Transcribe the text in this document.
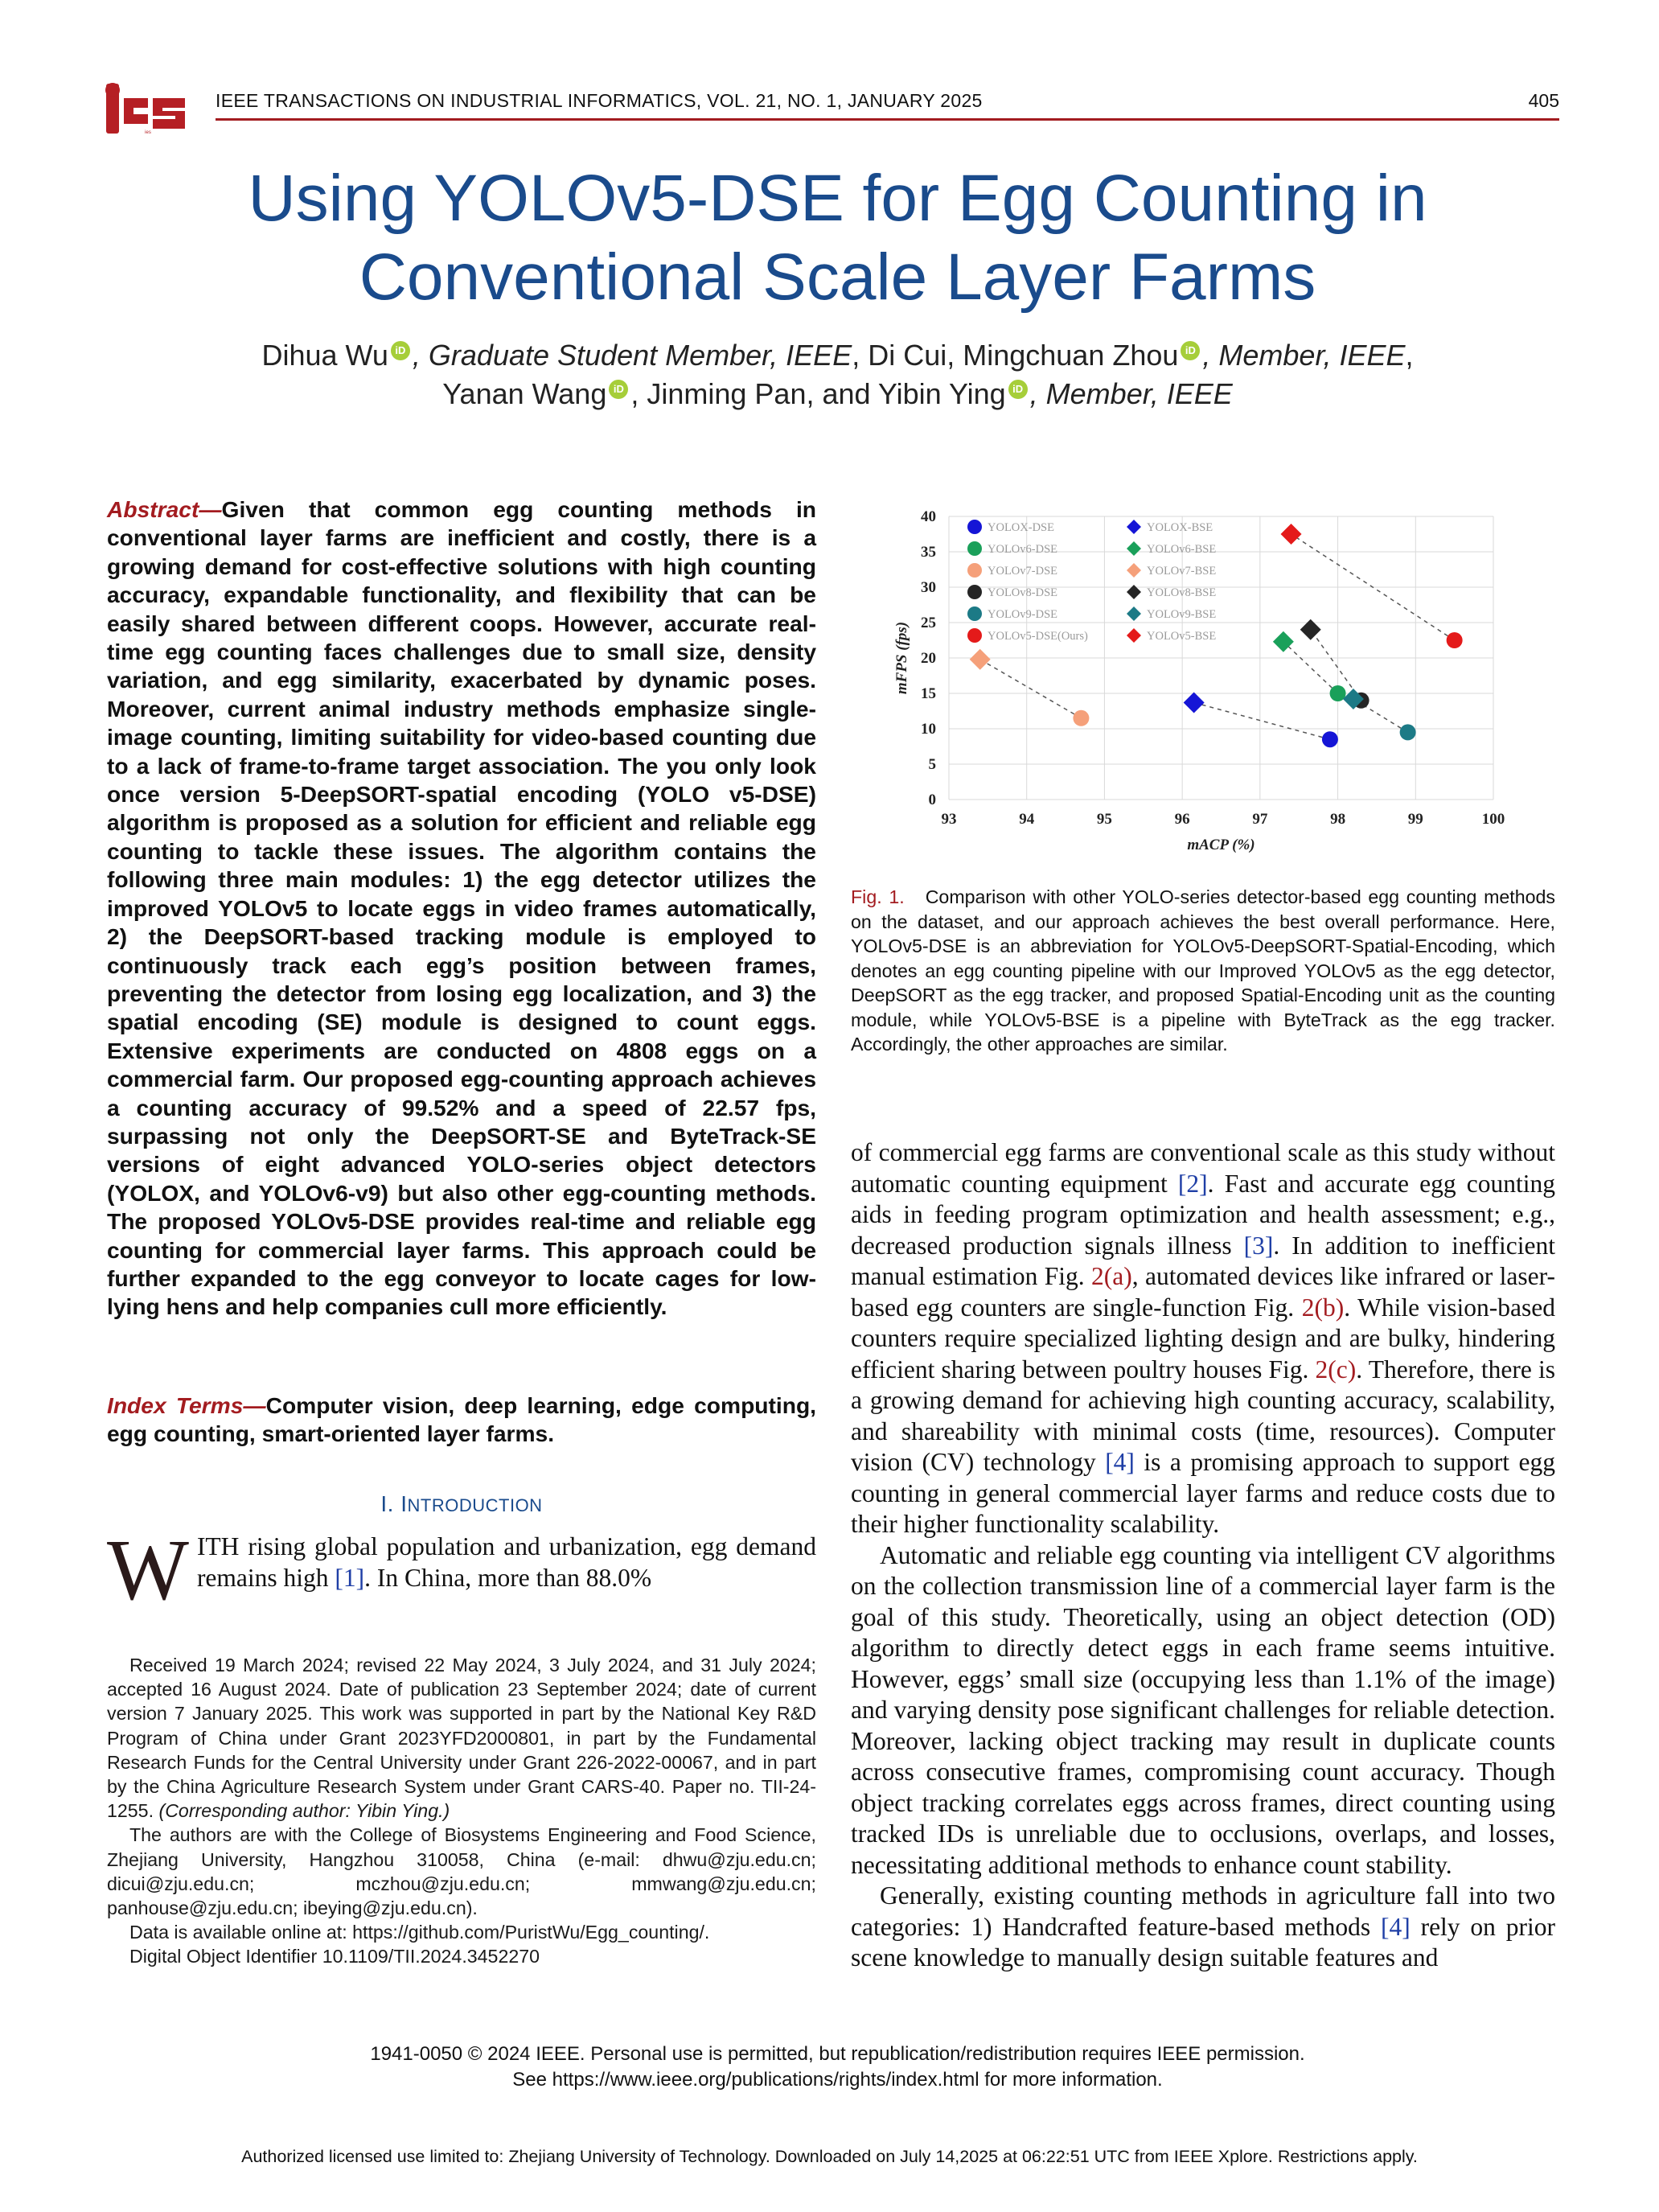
ies
IEEE TRANSACTIONS ON INDUSTRIAL INFORMATICS, VOL. 21, NO. 1, JANUARY 2025	405
Using YOLOv5-DSE for Egg Counting in
Conventional Scale Layer Farms
Dihua Wu iD , Graduate Student Member, IEEE, Di Cui, Mingchuan Zhou iD , Member, IEEE,
Yanan Wang iD , Jinming Pan, and Yibin Ying iD , Member, IEEE
Abstract—Given that common egg counting methods in conventional layer farms are inefficient and costly, there is a growing demand for cost-effective solutions with high counting accuracy, expandable functionality, and flexibility that can be easily shared between different coops. However, accurate real-time egg counting faces challenges due to small size, density variation, and egg similarity, exacerbated by dynamic poses. Moreover, current animal industry methods emphasize single-image counting, limiting suitability for video-based counting due to a lack of frame-to-frame target association. The you only look once version 5-DeepSORT-spatial encoding (YOLO v5-DSE) algorithm is proposed as a solution for efficient and reliable egg counting to tackle these issues. The algorithm contains the following three main modules: 1) the egg detector utilizes the improved YOLOv5 to locate eggs in video frames automatically, 2) the DeepSORT-based tracking module is employed to continuously track each egg’s position between frames, preventing the detector from losing egg localization, and 3) the spatial encoding (SE) module is designed to count eggs. Extensive experiments are conducted on 4808 eggs on a commercial farm. Our proposed egg-counting approach achieves a counting accuracy of 99.52% and a speed of 22.57 fps, surpassing not only the DeepSORT-SE and ByteTrack-SE versions of eight advanced YOLO-series object detectors (YOLOX, and YOLOv6-v9) but also other egg-counting methods. The proposed YOLOv5-DSE provides real-time and reliable egg counting for commercial layer farms. This approach could be further expanded to the egg conveyor to locate cages for low-lying hens and help companies cull more efficiently.
Index Terms—Computer vision, deep learning, edge computing, egg counting, smart-oriented layer farms.
I. INTRODUCTION
WITH rising global population and urbanization, egg demand remains high [1]. In China, more than 88.0%

Received 19 March 2024; revised 22 May 2024, 3 July 2024, and 31 July 2024; accepted 16 August 2024. Date of publication 23 September 2024; date of current version 7 January 2025. This work was supported in part by the National Key R&D Program of China under Grant 2023YFD2000801, in part by the Fundamental Research Funds for the Central University under Grant 226-2022-00067, and in part by the China Agriculture Research System under Grant CARS-40. Paper no. TII-24-1255. (Corresponding author: Yibin Ying.)

The authors are with the College of Biosystems Engineering and Food Science, Zhejiang University, Hangzhou 310058, China (e-mail: dhwu@zju.edu.cn; dicui@zju.edu.cn; mczhou@zju.edu.cn; mmwang@zju.edu.cn; panhouse@zju.edu.cn; ibeying@zju.edu.cn).

Data is available online at: https://github.com/PuristWu/Egg_counting/.

Digital Object Identifier 10.1109/TII.2024.3452270

0
5
10
15
20
25
30
35
40
93	94	95	96	97	98	99	100
YOLOX-DSE
YOLOv6-DSE
YOLOv7-DSE
YOLOv8-DSE
YOLOv9-DSE
YOLOv5-DSE(Ours)
YOLOX-BSE
YOLOv6-BSE
YOLOv7-BSE
YOLOv8-BSE
YOLOv9-BSE
YOLOv5-BSE
mACP (%)
mFPS (fps)
Fig. 1. Comparison with other YOLO-series detector-based egg counting methods on the dataset, and our approach achieves the best overall performance. Here, YOLOv5-DSE is an abbreviation for YOLOv5-DeepSORT-Spatial-Encoding, which denotes an egg counting pipeline with our Improved YOLOv5 as the egg detector, DeepSORT as the egg tracker, and proposed Spatial-Encoding unit as the counting module, while YOLOv5-BSE is a pipeline with ByteTrack as the egg tracker. Accordingly, the other approaches are similar.

of commercial egg farms are conventional scale as this study without automatic counting equipment [2]. Fast and accurate egg counting aids in feeding program optimization and health assessment; e.g., decreased production signals illness [3]. In addition to inefficient manual estimation Fig. 2(a), automated devices like infrared or laser-based egg counters are single-function Fig. 2(b). While vision-based counters require specialized lighting design and are bulky, hindering efficient sharing between poultry houses Fig. 2(c). Therefore, there is a growing demand for achieving high counting accuracy, scalability, and shareability with minimal costs (time, resources). Computer vision (CV) technology [4] is a promising approach to support egg counting in general commercial layer farms and reduce costs due to their higher functionality scalability.

Automatic and reliable egg counting via intelligent CV algorithms on the collection transmission line of a commercial layer farm is the goal of this study. Theoretically, using an object detection (OD) algorithm to directly detect eggs in each frame seems intuitive. However, eggs’ small size (occupying less than 1.1% of the image) and varying density pose significant challenges for reliable detection. Moreover, lacking object tracking may result in duplicate counts across consecutive frames, compromising count accuracy. Though object tracking correlates eggs across frames, direct counting using tracked IDs is unreliable due to occlusions, overlaps, and losses, necessitating additional methods to enhance count stability.

Generally, existing counting methods in agriculture fall into two categories: 1) Handcrafted feature-based methods [4] rely on prior scene knowledge to manually design suitable features and

1941-0050 © 2024 IEEE. Personal use is permitted, but republication/redistribution requires IEEE permission.
See https://www.ieee.org/publications/rights/index.html for more information.
Authorized licensed use limited to: Zhejiang University of Technology. Downloaded on July 14,2025 at 06:22:51 UTC from IEEE Xplore. Restrictions apply.
